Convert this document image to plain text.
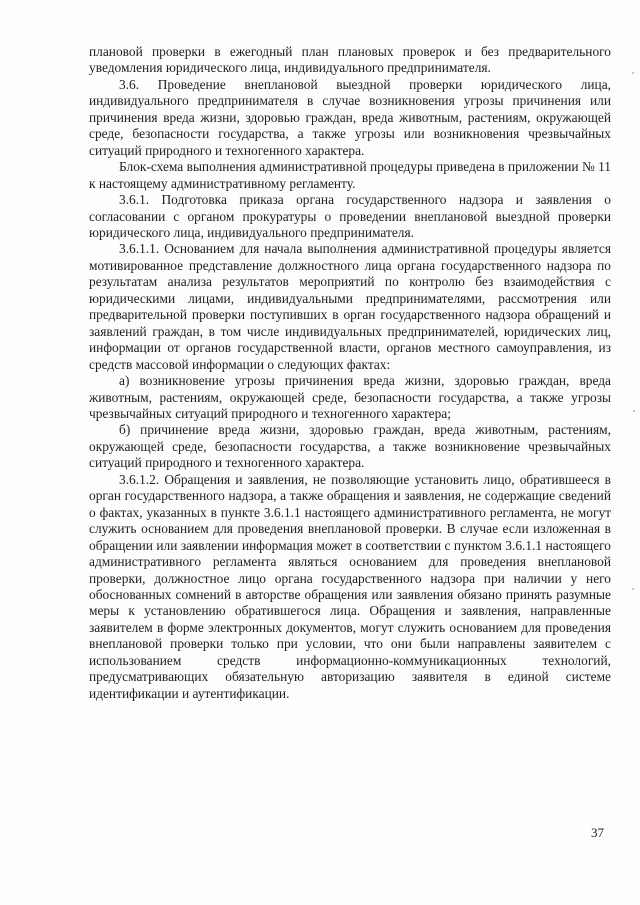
плановой проверки в ежегодный план плановых проверок и без предварительного уведомления юридического лица, индивидуального предпринимателя.

3.6. Проведение внеплановой выездной проверки юридического лица, индивидуального предпринимателя в случае возникновения угрозы причинения или причинения вреда жизни, здоровью граждан, вреда животным, растениям, окружающей среде, безопасности государства, а также угрозы или возникновения чрезвычайных ситуаций природного и техногенного характера.

Блок-схема выполнения административной процедуры приведена в приложении № 11 к настоящему административному регламенту.

3.6.1. Подготовка приказа органа государственного надзора и заявления о согласовании с органом прокуратуры о проведении внеплановой выездной проверки юридического лица, индивидуального предпринимателя.

3.6.1.1. Основанием для начала выполнения административной процедуры является мотивированное представление должностного лица органа государственного надзора по результатам анализа результатов мероприятий по контролю без взаимодействия с юридическими лицами, индивидуальными предпринимателями, рассмотрения или предварительной проверки поступивших в орган государственного надзора обращений и заявлений граждан, в том числе индивидуальных предпринимателей, юридических лиц, информации от органов государственной власти, органов местного самоуправления, из средств массовой информации о следующих фактах:

а) возникновение угрозы причинения вреда жизни, здоровью граждан, вреда животным, растениям, окружающей среде, безопасности государства, а также угрозы чрезвычайных ситуаций природного и техногенного характера;

б) причинение вреда жизни, здоровью граждан, вреда животным, растениям, окружающей среде, безопасности государства, а также возникновение чрезвычайных ситуаций природного и техногенного характера.

3.6.1.2. Обращения и заявления, не позволяющие установить лицо, обратившееся в орган государственного надзора, а также обращения и заявления, не содержащие сведений о фактах, указанных в пункте 3.6.1.1 настоящего административного регламента, не могут служить основанием для проведения внеплановой проверки. В случае если изложенная в обращении или заявлении информация может в соответствии с пунктом 3.6.1.1 настоящего административного регламента являться основанием для проведения внеплановой проверки, должностное лицо органа государственного надзора при наличии у него обоснованных сомнений в авторстве обращения или заявления обязано принять разумные меры к установлению обратившегося лица. Обращения и заявления, направленные заявителем в форме электронных документов, могут служить основанием для проведения внеплановой проверки только при условии, что они были направлены заявителем с использованием средств информационно-коммуникационных технологий, предусматривающих обязательную авторизацию заявителя в единой системе идентификации и аутентификации.

37
